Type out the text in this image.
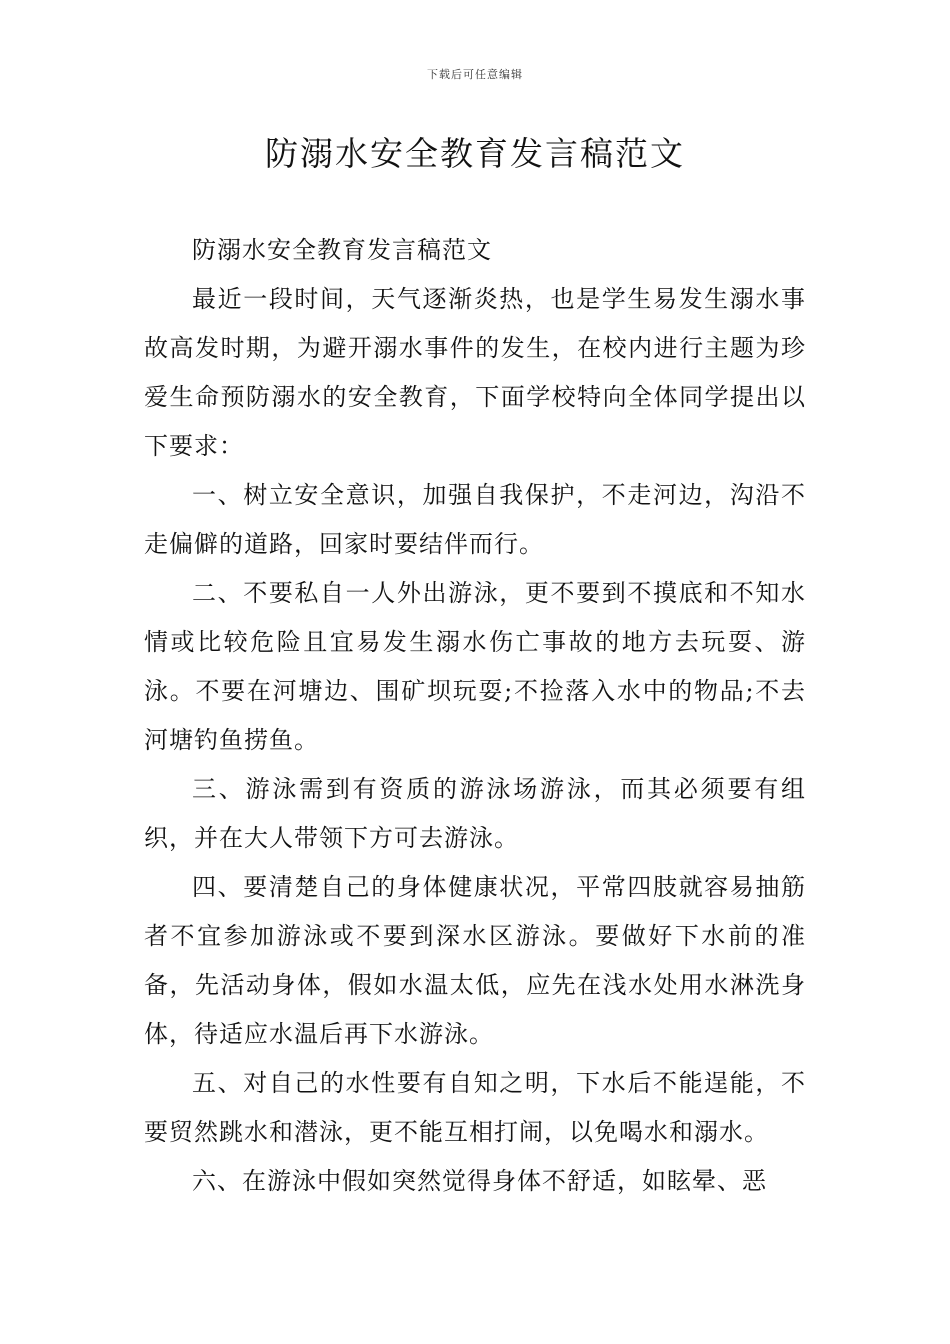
下载后可任意编辑
防溺水安全教育发言稿范文

防溺水安全教育发言稿范文

最近一段时间，天气逐渐炎热，也是学生易发生溺水事故高发时期，为避开溺水事件的发生，在校内进行主题为珍爱生命预防溺水的安全教育，下面学校特向全体同学提出以下要求：

一、树立安全意识，加强自我保护，不走河边，沟沿不走偏僻的道路，回家时要结伴而行。

二、不要私自一人外出游泳，更不要到不摸底和不知水情或比较危险且宜易发生溺水伤亡事故的地方去玩耍、游泳。不要在河塘边、围矿坝玩耍;不捡落入水中的物品;不去河塘钓鱼捞鱼。

三、游泳需到有资质的游泳场游泳，而其必须要有组织，并在大人带领下方可去游泳。

四、要清楚自己的身体健康状况，平常四肢就容易抽筋者不宜参加游泳或不要到深水区游泳。要做好下水前的准备，先活动身体，假如水温太低，应先在浅水处用水淋洗身体，待适应水温后再下水游泳。

五、对自己的水性要有自知之明，下水后不能逞能，不要贸然跳水和潜泳，更不能互相打闹，以免喝水和溺水。

六、在游泳中假如突然觉得身体不舒适，如眩晕、恶
